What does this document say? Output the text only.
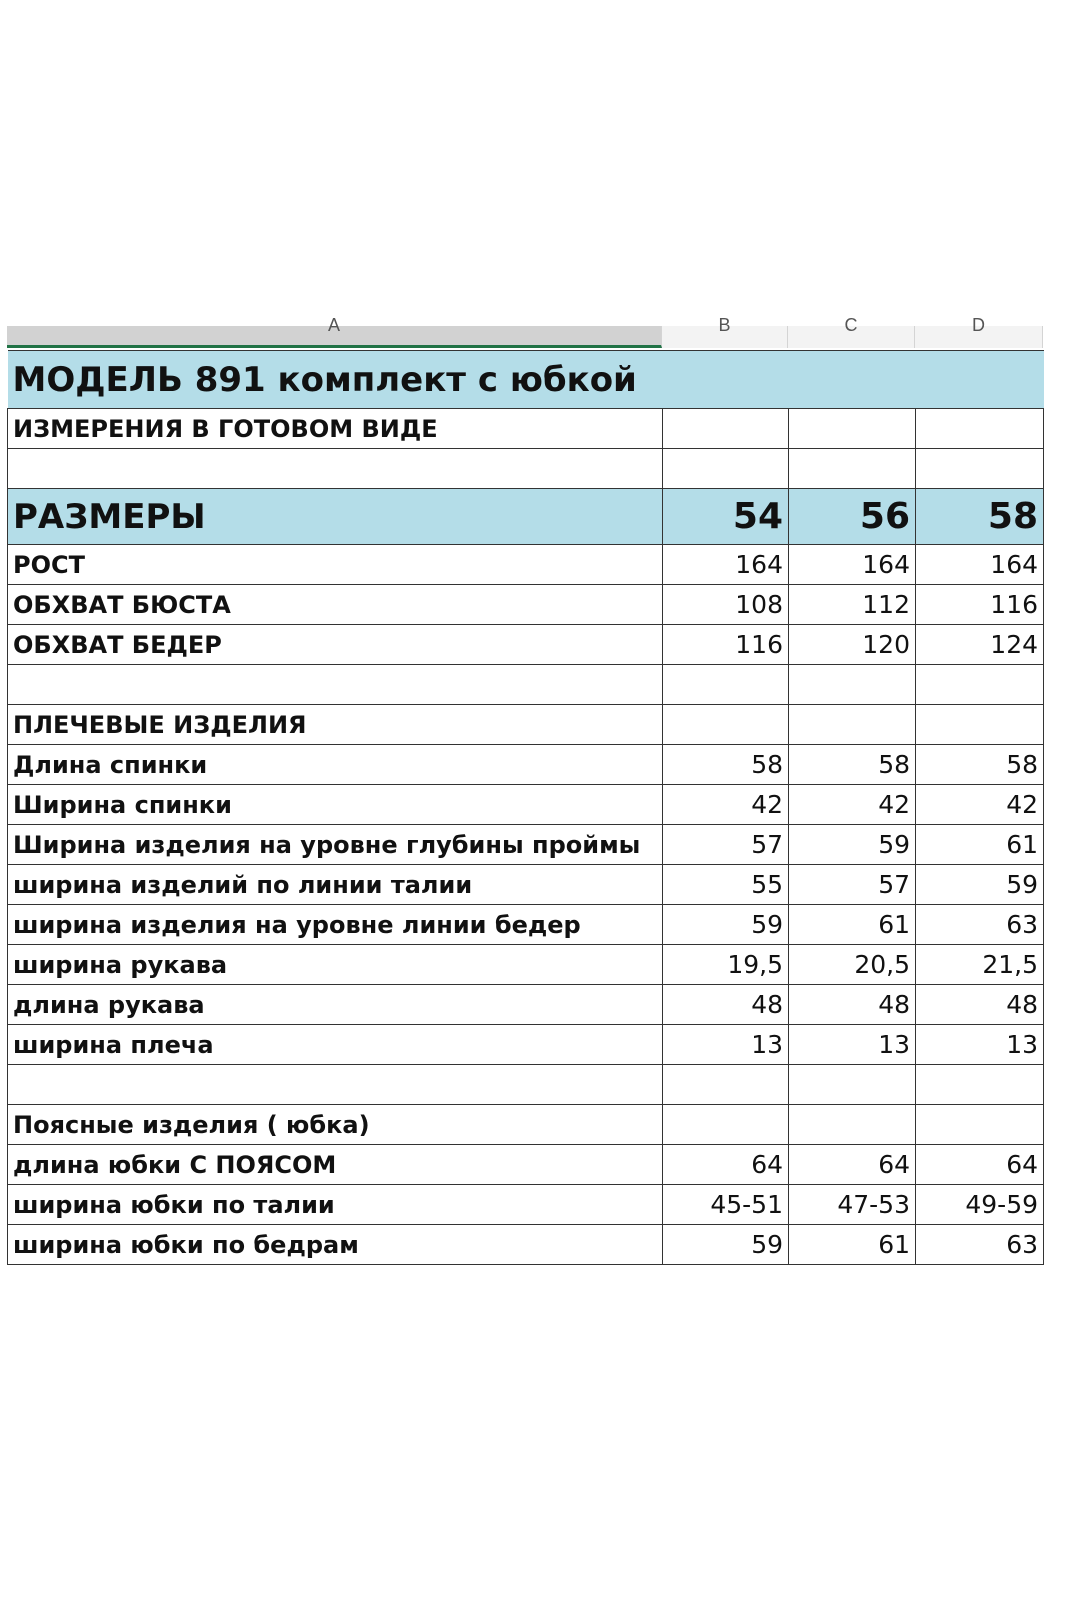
A	B	C	D
МОДЕЛЬ 891 комплект с юбкой			
ИЗМЕРЕНИЯ В ГОТОВОМ ВИДЕ			

РАЗМЕРЫ	54	56	58
РОСТ	164	164	164
ОБХВАТ БЮСТА	108	112	116
ОБХВАТ БЕДЕР	116	120	124

ПЛЕЧЕВЫЕ ИЗДЕЛИЯ			
Длина спинки	58	58	58
Ширина спинки	42	42	42
Ширина изделия на уровне глубины проймы	57	59	61
ширина изделий по линии талии	55	57	59
ширина изделия на уровне линии бедер	59	61	63
ширина рукава	19,5	20,5	21,5
длина рукава	48	48	48
ширина плеча	13	13	13

Поясные изделия ( юбка)			
длина юбки С ПОЯСОМ	64	64	64
ширина юбки по талии	45-51	47-53	49-59
ширина юбки по бедрам	59	61	63
